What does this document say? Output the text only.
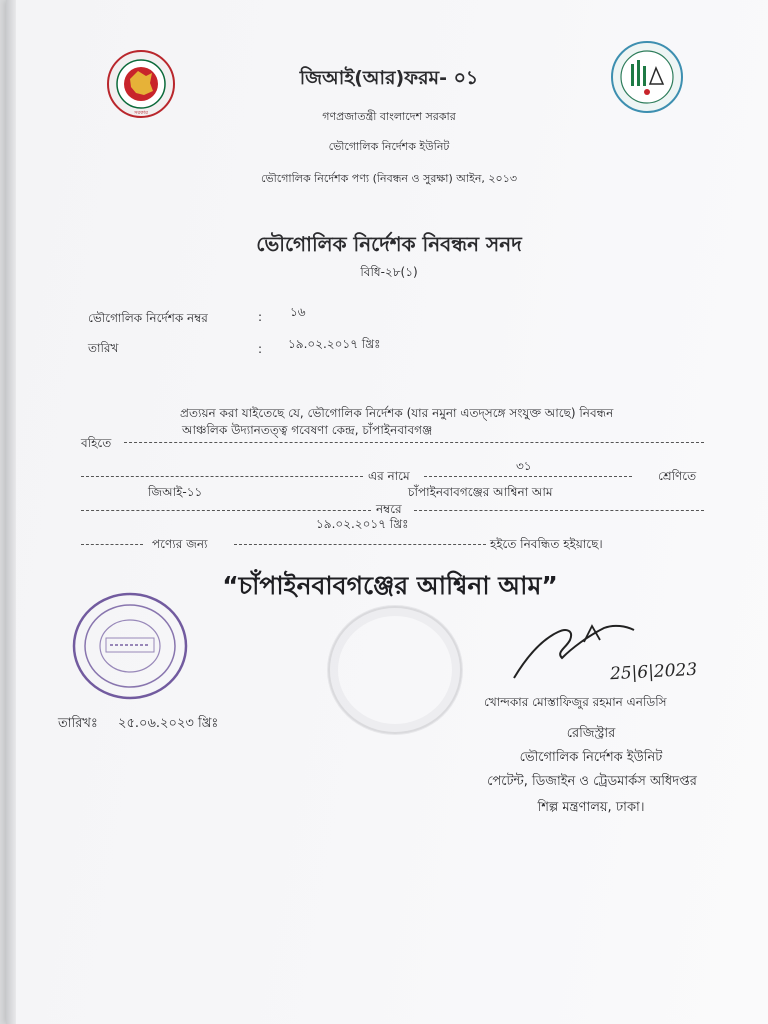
সরকার
জিআই(আর)ফরম- ০১
গণপ্রজাতন্ত্রী বাংলাদেশ সরকার
ভৌগোলিক নির্দেশক ইউনিট
ভৌগোলিক নির্দেশক পণ্য (নিবন্ধন ও সুরক্ষা) আইন, ২০১৩
ভৌগোলিক নির্দেশক নিবন্ধন সনদ
বিধি-২৮(১)
ভৌগোলিক নির্দেশক নম্বর	: ১৬
তারিখ	: ১৯.০২.২০১৭ খ্রিঃ
প্রত্যয়ন করা যাইতেছে যে, ভৌগোলিক নির্দেশক (যার নমুনা এতদ্সঙ্গে সংযুক্ত আছে) নিবন্ধন
আঞ্চলিক উদ্যানতত্ত্ব গবেষণা কেন্দ্র, চাঁপাইনবাবগঞ্জ
বহিতে
৩১
এর নামে	শ্রেণিতে
জিআই-১১	চাঁপাইনবাবগঞ্জের আশ্বিনা আম
নম্বরে
১৯.০২.২০১৭ খ্রিঃ
পণ্যের জন্য	হইতে নিবন্ধিত হইয়াছে।
“চাঁপাইনবাবগঞ্জের আশ্বিনা আম”
25|6|2023
খোন্দকার মোস্তাফিজুর রহমান এনডিসি
রেজিস্ট্রার
ভৌগোলিক নির্দেশক ইউনিট
পেটেন্ট, ডিজাইন ও ট্রেডমার্কস অধিদপ্তর
শিল্প মন্ত্রণালয়, ঢাকা।
তারিখঃ ২৫.০৬.২০২৩ খ্রিঃ
